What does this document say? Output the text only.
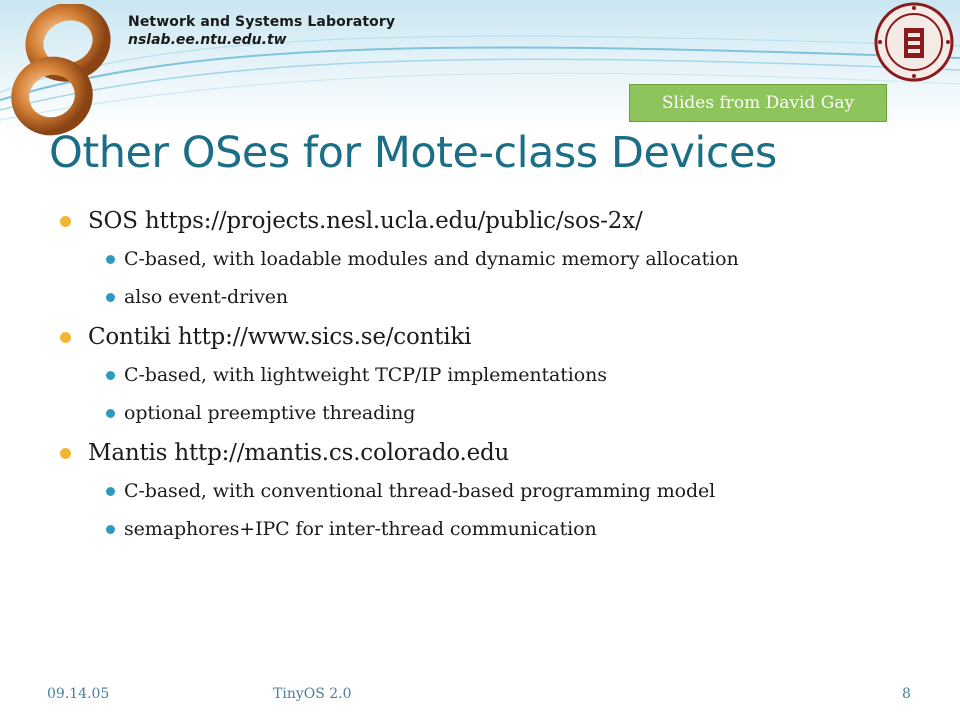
Network and Systems Laboratory
nslab.ee.ntu.edu.tw
Slides from David Gay
Other OSes for Mote-class Devices
SOS https://projects.nesl.ucla.edu/public/sos-2x/
C-based, with loadable modules and dynamic memory allocation
also event-driven
Contiki http://www.sics.se/contiki
C-based, with lightweight TCP/IP implementations
optional preemptive threading
Mantis http://mantis.cs.colorado.edu
C-based, with conventional thread-based programming model
semaphores+IPC for inter-thread communication
09.14.05	TinyOS 2.0	8
